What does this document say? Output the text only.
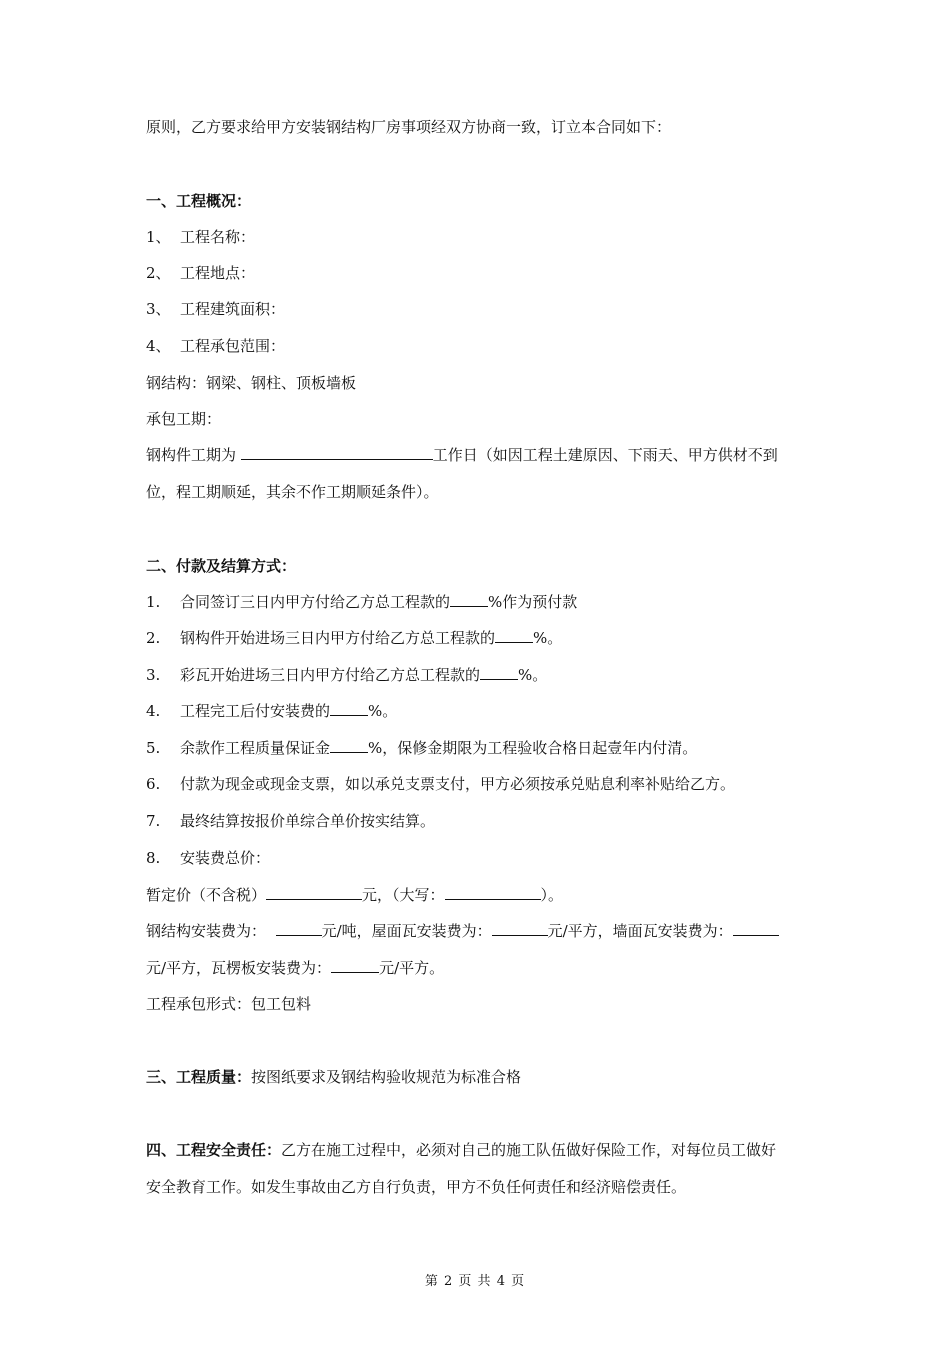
原则，乙方要求给甲方安装钢结构厂房事项经双方协商一致，订立本合同如下：
一、工程概况：
1、 工程名称：
2、 工程地点：
3、 工程建筑面积：
4、 工程承包范围：
钢结构：钢梁、钢柱、顶板墙板
承包工期：
钢构件工期为	工作日（如因工程土建原因、下雨天、甲方供材不到
位，程工期顺延，其余不作工期顺延条件）。
二、付款及结算方式：
1. 合同签订三日内甲方付给乙方总工程款的	%作为预付款
2. 钢构件开始进场三日内甲方付给乙方总工程款的	%。
3. 彩瓦开始进场三日内甲方付给乙方总工程款的	%。
4. 工程完工后付安装费的	%。
5. 余款作工程质量保证金	%，保修金期限为工程验收合格日起壹年内付清。
6. 付款为现金或现金支票，如以承兑支票支付，甲方必须按承兑贴息利率补贴给乙方。
7. 最终结算按报价单综合单价按实结算。
8. 安装费总价：
暂定价（不含税）	元，（大写：	）。
钢结构安装费为：	元/吨，屋面瓦安装费为：	元/平方，墙面瓦安装费为：
元/平方，瓦楞板安装费为：	元/平方。
工程承包形式：包工包料
三、工程质量：按图纸要求及钢结构验收规范为标准合格
四、工程安全责任：乙方在施工过程中，必须对自己的施工队伍做好保险工作，对每位员工做好
安全教育工作。如发生事故由乙方自行负责，甲方不负任何责任和经济赔偿责任。
第 2 页 共 4 页
